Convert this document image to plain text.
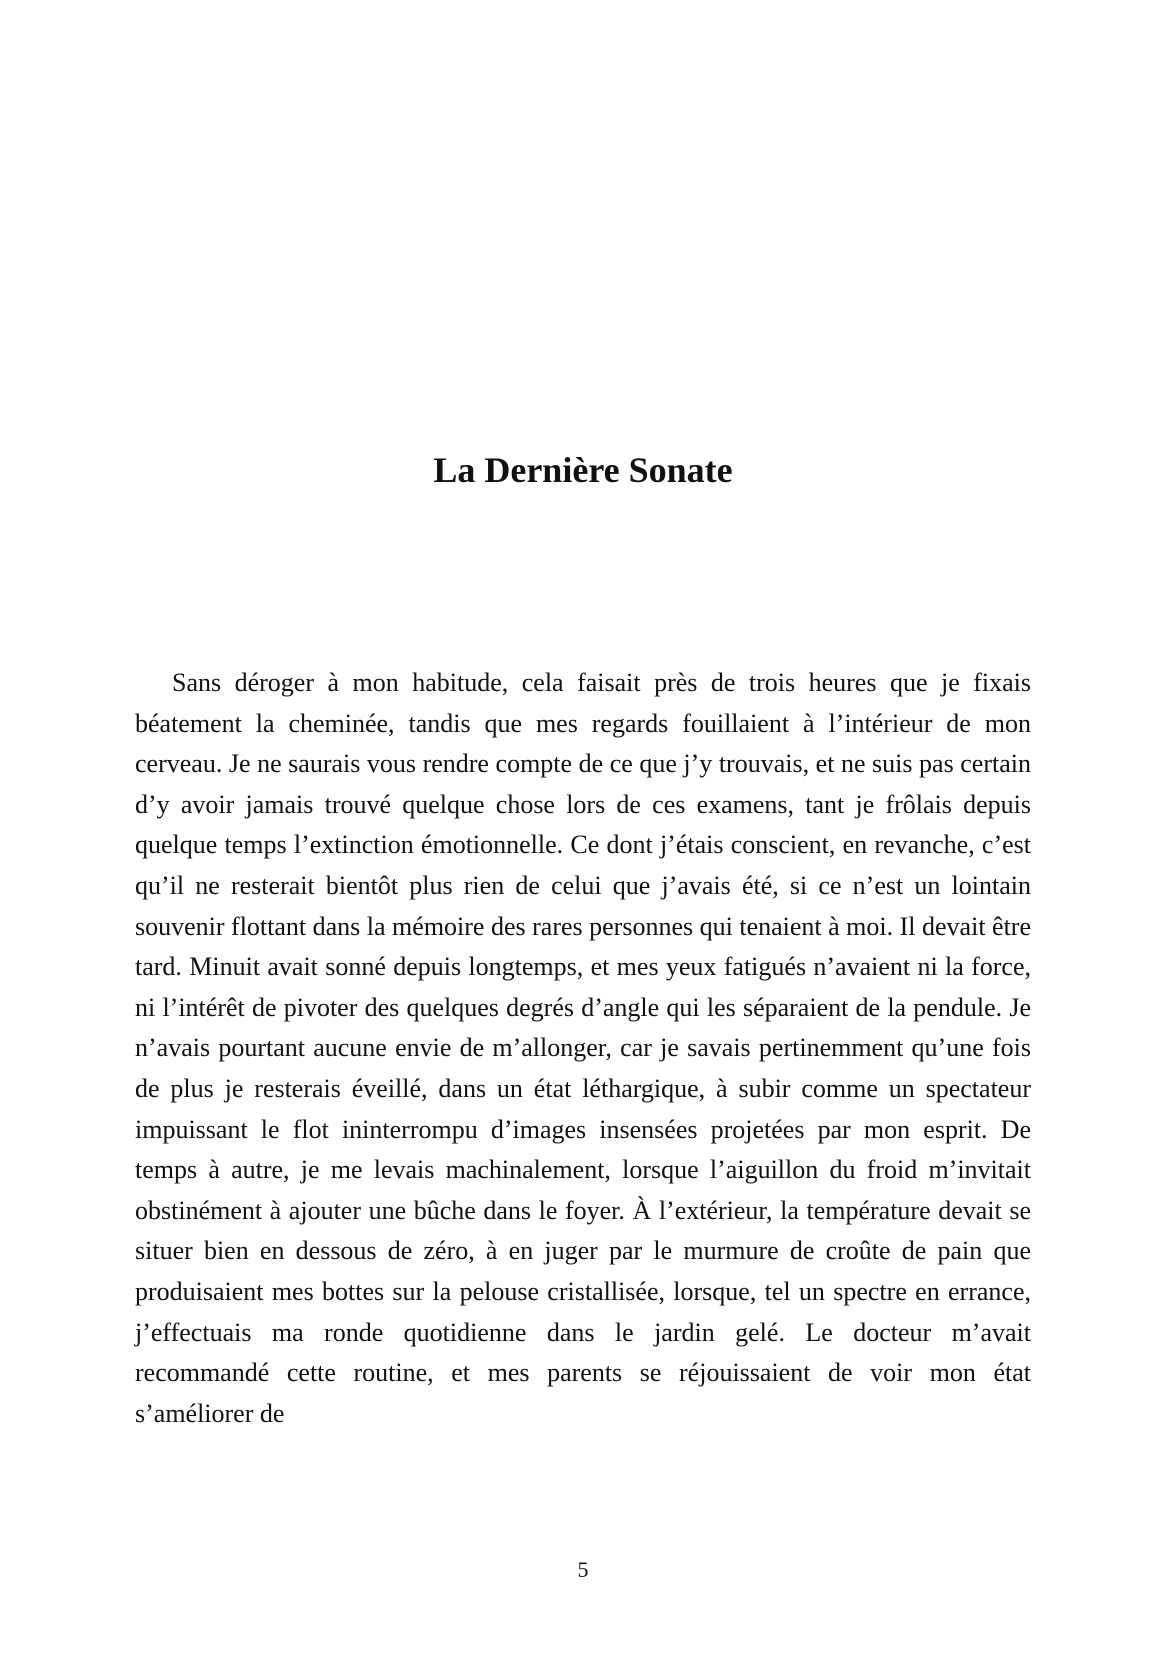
La Dernière Sonate

Sans déroger à mon habitude, cela faisait près de trois heures que je fixais béatement la cheminée, tandis que mes regards fouillaient à l’intérieur de mon cerveau. Je ne saurais vous rendre compte de ce que j’y trouvais, et ne suis pas certain d’y avoir jamais trouvé quelque chose lors de ces examens, tant je frôlais depuis quelque temps l’extinction émotionnelle. Ce dont j’étais conscient, en revanche, c’est qu’il ne resterait bientôt plus rien de celui que j’avais été, si ce n’est un lointain souvenir flottant dans la mémoire des rares personnes qui tenaient à moi. Il devait être tard. Minuit avait sonné depuis longtemps, et mes yeux fatigués n’avaient ni la force, ni l’intérêt de pivoter des quelques degrés d’angle qui les séparaient de la pendule. Je n’avais pourtant aucune envie de m’allonger, car je savais pertinemment qu’une fois de plus je resterais éveillé, dans un état léthargique, à subir comme un spectateur impuissant le flot ininterrompu d’images insensées projetées par mon esprit. De temps à autre, je me levais machinalement, lorsque l’aiguillon du froid m’invitait obstinément à ajouter une bûche dans le foyer. À l’extérieur, la température devait se situer bien en dessous de zéro, à en juger par le murmure de croûte de pain que produisaient mes bottes sur la pelouse cristallisée, lorsque, tel un spectre en errance, j’effectuais ma ronde quotidienne dans le jardin gelé. Le docteur m’avait recommandé cette routine, et mes parents se réjouissaient de voir mon état s’améliorer de

5
